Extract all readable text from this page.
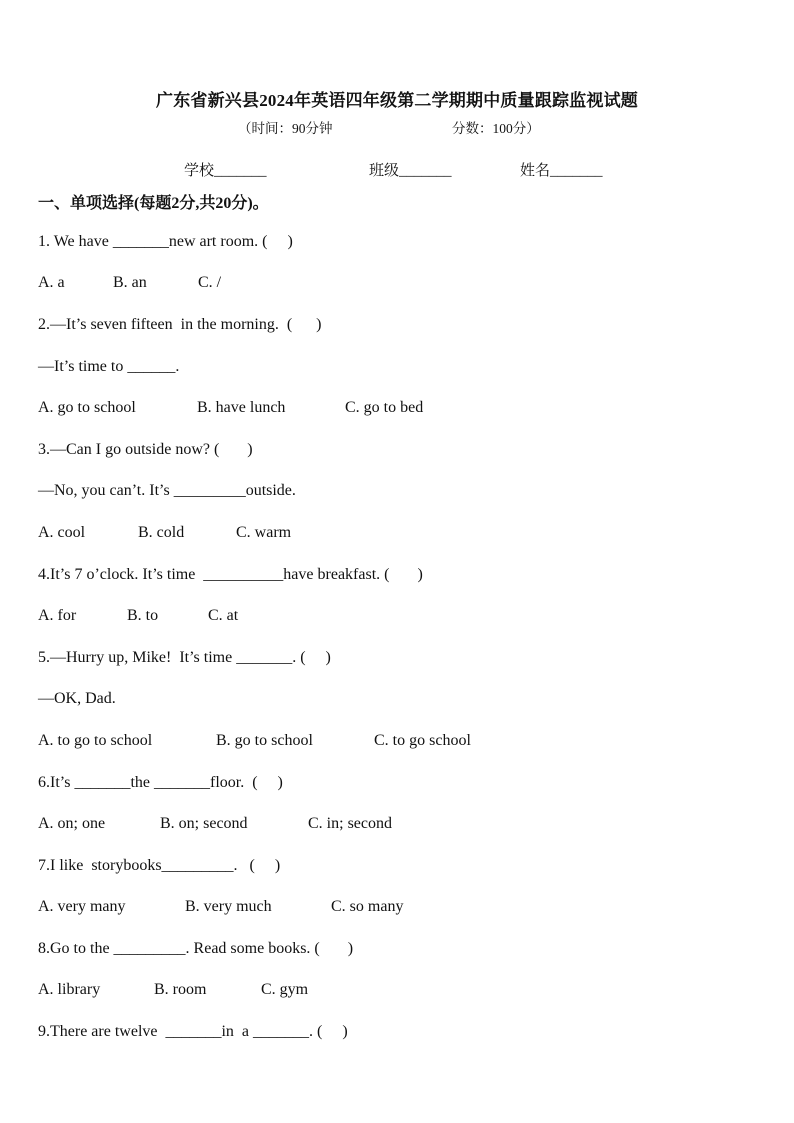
广东省新兴县2024年英语四年级第二学期期中质量跟踪监视试题
（时间：90分钟	分数：100分）
学校_______	班级_______	姓名_______
一、单项选择(每题2分,共20分)。
1. We have _______new art room. (     )
A. a	B. an	C. /
2.—It’s seven fifteen  in the morning.  (      )
—It’s time to ______.
A. go to school	B. have lunch	C. go to bed
3.—Can I go outside now? (       )
—No, you can’t. It’s _________outside.
A. cool	B. cold	C. warm
4.It’s 7 o’clock. It’s time  __________have breakfast. (       )
A. for	B. to	C. at
5.—Hurry up, Mike!  It’s time _______. (     )
—OK, Dad.
A. to go to school	B. go to school	C. to go school
6.It’s _______the _______floor.  (     )
A. on; one	B. on; second	C. in; second
7.I like  storybooks_________.   (     )
A. very many	B. very much	C. so many
8.Go to the _________. Read some books. (       )
A. library	B. room	C. gym
9.There are twelve  _______in  a _______. (     )
